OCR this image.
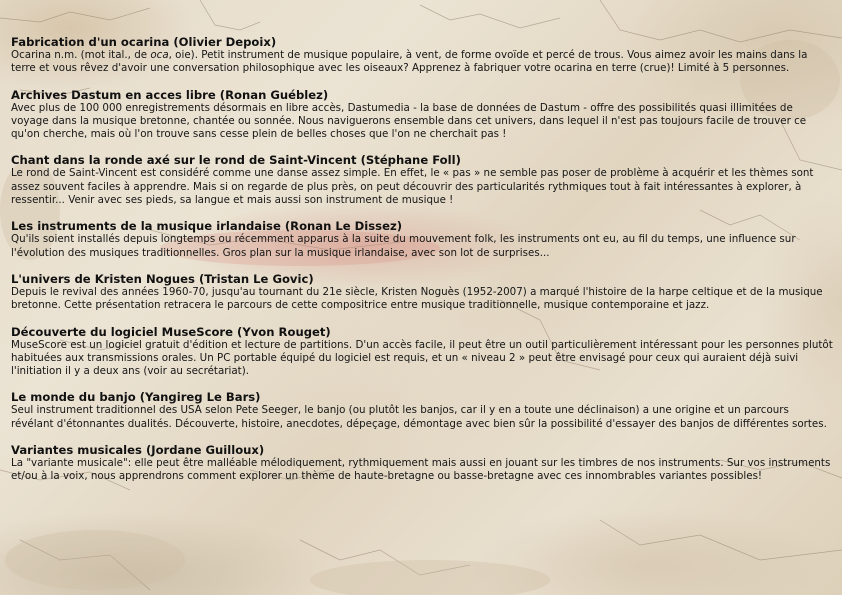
Fabrication d'un ocarina (Olivier Depoix)

Ocarina n.m. (mot ital., de oca, oie). Petit instrument de musique populaire, à vent, de forme ovoïde et percé de trous. Vous aimez avoir les mains dans la terre et vous rêvez d'avoir une conversation philosophique avec les oiseaux? Apprenez à fabriquer votre ocarina en terre (crue)! Limité à 5 personnes.

Archives Dastum en acces libre (Ronan Guéblez)

Avec plus de 100 000 enregistrements désormais en libre accès, Dastumedia - la base de données de Dastum - offre des possibilités quasi illimitées de voyage dans la musique bretonne, chantée ou sonnée. Nous naviguerons ensemble dans cet univers, dans lequel il n'est pas toujours facile de trouver ce qu'on cherche, mais où l'on trouve sans cesse plein de belles choses que l'on ne cherchait pas !

Chant dans la ronde axé sur le rond de Saint-Vincent (Stéphane Foll)

Le rond de Saint-Vincent est considéré comme une danse assez simple. En effet, le « pas » ne semble pas poser de problème à acquérir et les thèmes sont assez souvent faciles à apprendre. Mais si on regarde de plus près, on peut découvrir des particularités rythmiques tout à fait intéressantes à explorer, à ressentir... Venir avec ses pieds, sa langue et mais aussi son instrument de musique !

Les instruments de la musique irlandaise (Ronan Le Dissez)

Qu'ils soient installés depuis longtemps ou récemment apparus à la suite du mouvement folk, les instruments ont eu, au fil du temps, une influence sur l'évolution des musiques traditionnelles. Gros plan sur la musique irlandaise, avec son lot de surprises...

L'univers de Kristen Nogues (Tristan Le Govic)

Depuis le revival des années 1960-70, jusqu'au tournant du 21e siècle, Kristen Noguès (1952-2007) a marqué l'histoire de la harpe celtique et de la musique bretonne. Cette présentation retracera le parcours de cette compositrice entre musique traditionnelle, musique contemporaine et jazz.

Découverte du logiciel MuseScore (Yvon Rouget)

MuseScore est un logiciel gratuit d'édition et lecture de partitions. D'un accès facile, il peut être un outil particulièrement intéressant pour les personnes plutôt habituées aux transmissions orales. Un PC portable équipé du logiciel est requis, et un « niveau 2 » peut être envisagé pour ceux qui auraient déjà suivi l'initiation il y a deux ans (voir au secrétariat).

Le monde du banjo (Yangireg Le Bars)

Seul instrument traditionnel des USA selon Pete Seeger, le banjo (ou plutôt les banjos, car il y en a toute une déclinaison) a une origine et un parcours révélant d'étonnantes dualités. Découverte, histoire, anecdotes, dépeçage, démontage avec bien sûr la possibilité d'essayer des banjos de différentes sortes.

Variantes musicales (Jordane Guilloux)

La "variante musicale": elle peut être malléable mélodiquement, rythmiquement mais aussi en jouant sur les timbres de nos instruments. Sur vos instruments et/ou à la voix, nous apprendrons comment explorer un thème de haute-bretagne ou basse-bretagne avec ces innombrables variantes possibles!
